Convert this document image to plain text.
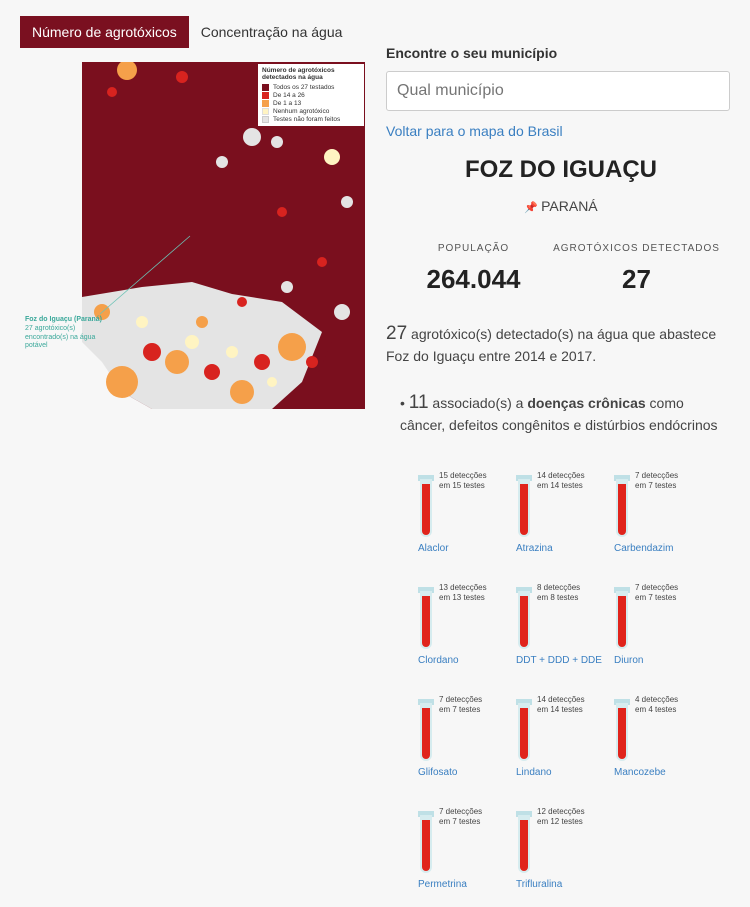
Número de agrotóxicos	Concentração na água
Número de agrotóxicos detectados na água
Todos os 27 testados
De 14 a 26
De 1 a 13
Nenhum agrotóxico
Testes não foram feitos
Foz do Iguaçu (Paraná)
27 agrotóxico(s) encontrado(s) na água potável
Encontre o seu município
Qual município
Voltar para o mapa do Brasil
FOZ DO IGUAÇU
📌 PARANÁ
POPULAÇÃO
264.044
AGROTÓXICOS DETECTADOS
27
27 agrotóxico(s) detectado(s) na água que abastece Foz do Iguaçu entre 2014 e 2017.
• 11 associado(s) a doenças crônicas como câncer, defeitos congênitos e distúrbios endócrinos
15 detecções
em 15 testes
Alaclor
14 detecções
em 14 testes
Atrazina
7 detecções
em 7 testes
Carbendazim
13 detecções
em 13 testes
Clordano
8 detecções
em 8 testes
DDT + DDD + DDE
7 detecções
em 7 testes
Diuron
7 detecções
em 7 testes
Glifosato
14 detecções
em 14 testes
Lindano
4 detecções
em 4 testes
Mancozebe
7 detecções
em 7 testes
Permetrina
12 detecções
em 12 testes
Trifluralina
